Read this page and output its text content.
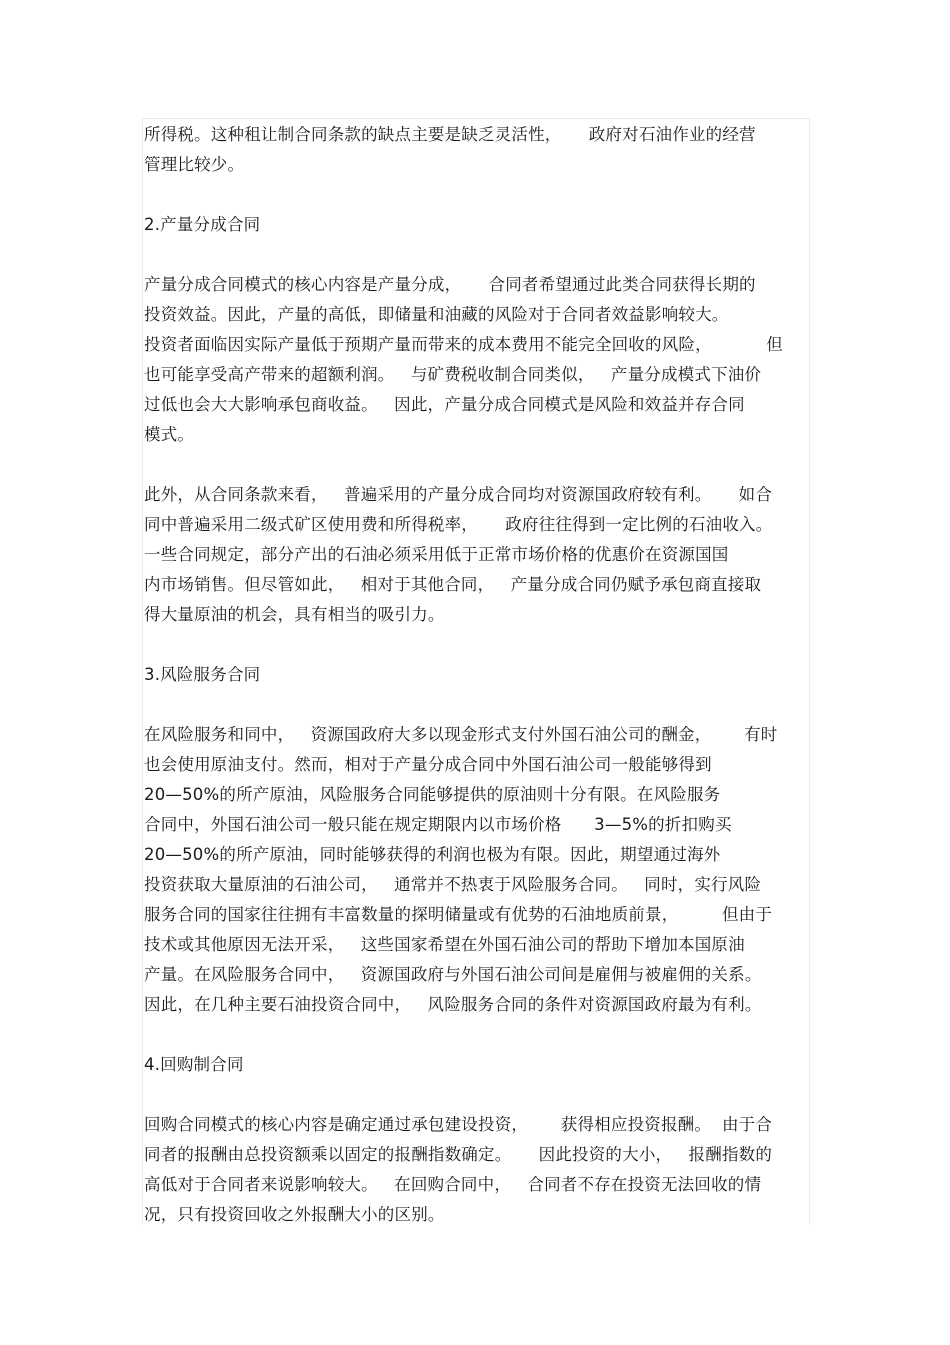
所得税。这种租让制合同条款的缺点主要是缺乏灵活性，     政府对石油作业的经营

管理比较少。

2.产量分成合同

产量分成合同模式的核心内容是产量分成，     合同者希望通过此类合同获得长期的

投资效益。因此，产量的高低，即储量和油藏的风险对于合同者效益影响较大。

投资者面临因实际产量低于预期产量而带来的成本费用不能完全回收的风险，          但

也可能享受高产带来的超额利润。   与矿费税收制合同类似，   产量分成模式下油价

过低也会大大影响承包商收益。   因此，产量分成合同模式是风险和效益并存合同

模式。

此外，从合同条款来看，   普遍采用的产量分成合同均对资源国政府较有利。     如合

同中普遍采用二级式矿区使用费和所得税率，     政府往往得到一定比例的石油收入。

一些合同规定，部分产出的石油必须采用低于正常市场价格的优惠价在资源国国

内市场销售。但尽管如此，   相对于其他合同，   产量分成合同仍赋予承包商直接取

得大量原油的机会，具有相当的吸引力。

3.风险服务合同

在风险服务和同中，   资源国政府大多以现金形式支付外国石油公司的酬金，      有时

也会使用原油支付。然而，相对于产量分成合同中外国石油公司一般能够得到

20—50%的所产原油，风险服务合同能够提供的原油则十分有限。在风险服务

合同中，外国石油公司一般只能在规定期限内以市场价格      3—5%的折扣购买

20—50%的所产原油，同时能够获得的利润也极为有限。因此，期望通过海外

投资获取大量原油的石油公司，   通常并不热衷于风险服务合同。   同时，实行风险

服务合同的国家往往拥有丰富数量的探明储量或有优势的石油地质前景，        但由于

技术或其他原因无法开采，   这些国家希望在外国石油公司的帮助下增加本国原油

产量。在风险服务合同中，   资源国政府与外国石油公司间是雇佣与被雇佣的关系。

因此，在几种主要石油投资合同中，   风险服务合同的条件对资源国政府最为有利。

4.回购制合同

回购合同模式的核心内容是确定通过承包建设投资，      获得相应投资报酬。  由于合

同者的报酬由总投资额乘以固定的报酬指数确定。     因此投资的大小，   报酬指数的

高低对于合同者来说影响较大。   在回购合同中，   合同者不存在投资无法回收的情

况，只有投资回收之外报酬大小的区别。
